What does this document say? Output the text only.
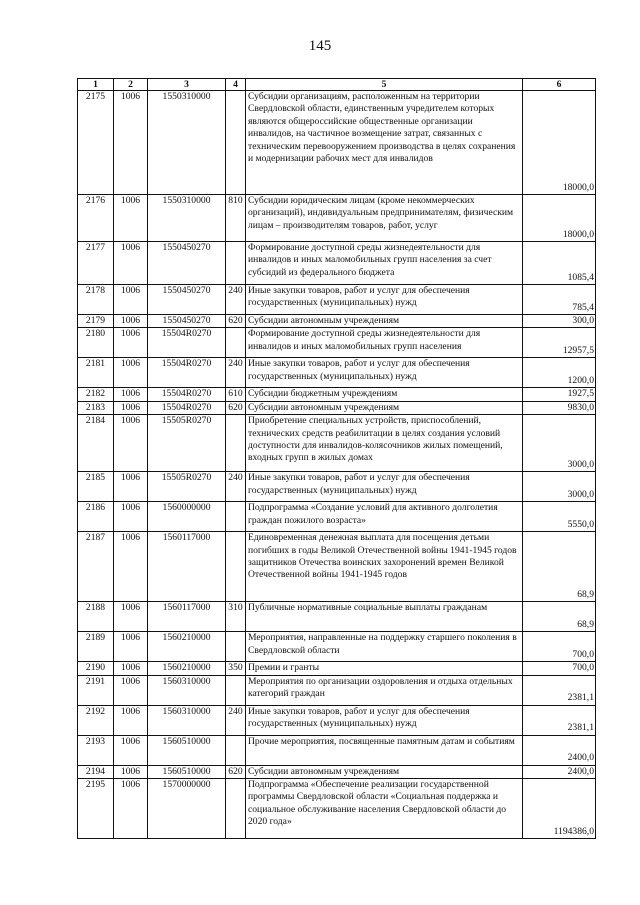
145
1	2	3	4	5	6
2175	1006	1550310000		Субсидии организациям, расположенным на территории Свердловской области, единственным учредителем которых являются общероссийские общественные организации инвалидов, на частичное возмещение затрат, связанных с техническим перевооружением производства в целях сохранения и модернизации рабочих мест для инвалидов	18000,0
2176	1006	1550310000	810	Субсидии юридическим лицам (кроме некоммерческих организаций), индивидуальным предпринимателям, физическим лицам – производителям товаров, работ, услуг	18000,0
2177	1006	1550450270		Формирование доступной среды жизнедеятельности для инвалидов и иных маломобильных групп населения за счет субсидий из федерального бюджета	1085,4
2178	1006	1550450270	240	Иные закупки товаров, работ и услуг для обеспечения государственных (муниципальных) нужд	785,4
2179	1006	1550450270	620	Субсидии автономным учреждениям	300,0
2180	1006	15504R0270		Формирование доступной среды жизнедеятельности для инвалидов и иных маломобильных групп населения	12957,5
2181	1006	15504R0270	240	Иные закупки товаров, работ и услуг для обеспечения государственных (муниципальных) нужд	1200,0
2182	1006	15504R0270	610	Субсидии бюджетным учреждениям	1927,5
2183	1006	15504R0270	620	Субсидии автономным учреждениям	9830,0
2184	1006	15505R0270		Приобретение специальных устройств, приспособлений, технических средств реабилитации в целях создания условий доступности для инвалидов-колясочников жилых помещений, входных групп в жилых домах	3000,0
2185	1006	15505R0270	240	Иные закупки товаров, работ и услуг для обеспечения государственных (муниципальных) нужд	3000,0
2186	1006	1560000000		Подпрограмма «Создание условий для активного долголетия граждан пожилого возраста»	5550,0
2187	1006	1560117000		Единовременная денежная выплата для посещения детьми погибших в годы Великой Отечественной войны 1941-1945 годов защитников Отечества воинских захоронений времен Великой Отечественной войны 1941-1945 годов	68,9
2188	1006	1560117000	310	Публичные нормативные социальные выплаты гражданам	68,9
2189	1006	1560210000		Мероприятия, направленные на поддержку старшего поколения в Свердловской области	700,0
2190	1006	1560210000	350	Премии и гранты	700,0
2191	1006	1560310000		Мероприятия по организации оздоровления и отдыха отдельных категорий граждан	2381,1
2192	1006	1560310000	240	Иные закупки товаров, работ и услуг для обеспечения государственных (муниципальных) нужд	2381,1
2193	1006	1560510000		Прочие мероприятия, посвященные памятным датам и событиям	2400,0
2194	1006	1560510000	620	Субсидии автономным учреждениям	2400,0
2195	1006	1570000000		Подпрограмма «Обеспечение реализации государственной программы Свердловской области «Социальная поддержка и социальное обслуживание населения Свердловской области до 2020 года»	1194386,0
